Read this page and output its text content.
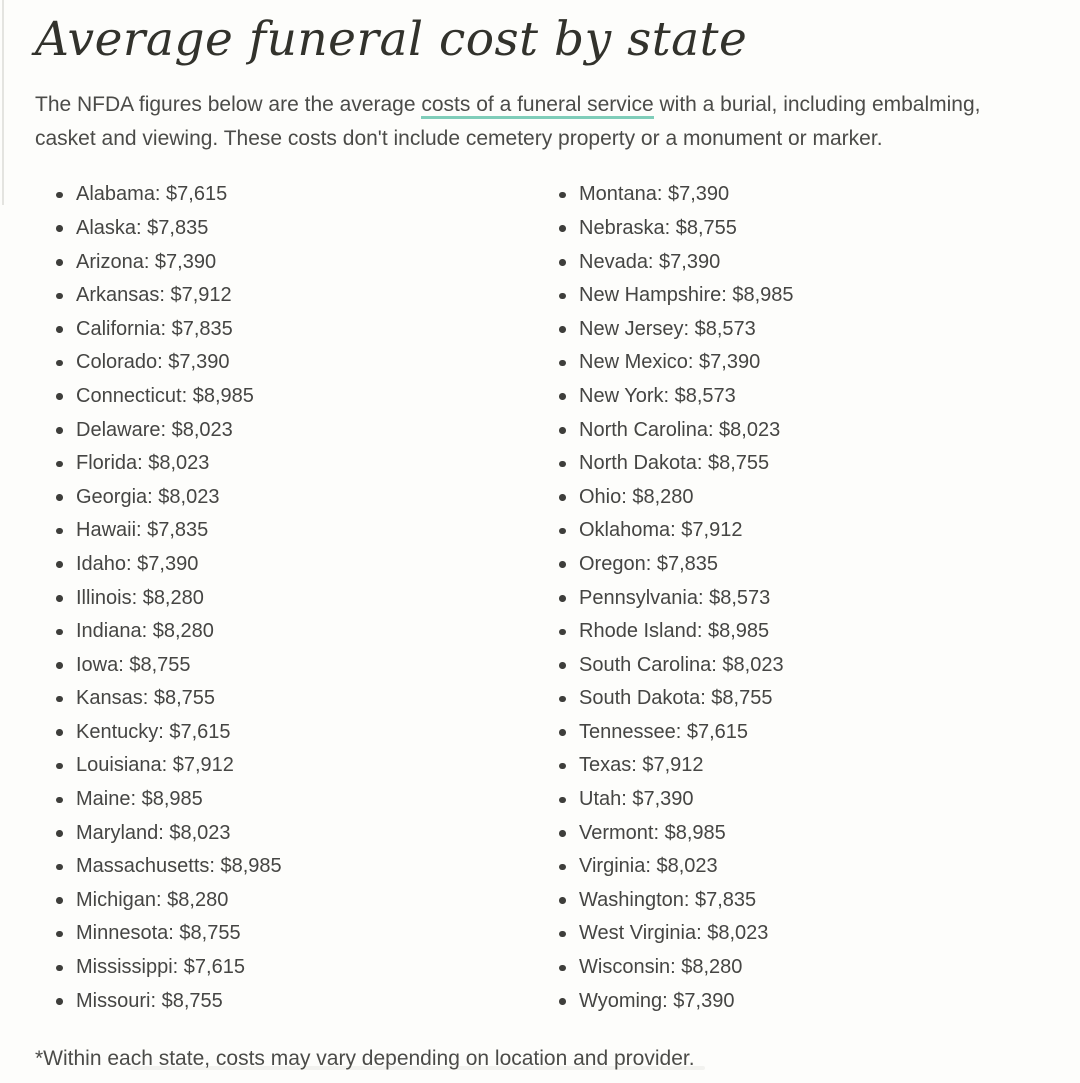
Average funeral cost by state

The NFDA figures below are the average costs of a funeral service with a burial, including embalming, casket and viewing. These costs don't include cemetery property or a monument or marker.

Alabama: $7,615
Alaska: $7,835
Arizona: $7,390
Arkansas: $7,912
California: $7,835
Colorado: $7,390
Connecticut: $8,985
Delaware: $8,023
Florida: $8,023
Georgia: $8,023
Hawaii: $7,835
Idaho: $7,390
Illinois: $8,280
Indiana: $8,280
Iowa: $8,755
Kansas: $8,755
Kentucky: $7,615
Louisiana: $7,912
Maine: $8,985
Maryland: $8,023
Massachusetts: $8,985
Michigan: $8,280
Minnesota: $8,755
Mississippi: $7,615
Missouri: $8,755
Montana: $7,390
Nebraska: $8,755
Nevada: $7,390
New Hampshire: $8,985
New Jersey: $8,573
New Mexico: $7,390
New York: $8,573
North Carolina: $8,023
North Dakota: $8,755
Ohio: $8,280
Oklahoma: $7,912
Oregon: $7,835
Pennsylvania: $8,573
Rhode Island: $8,985
South Carolina: $8,023
South Dakota: $8,755
Tennessee: $7,615
Texas: $7,912
Utah: $7,390
Vermont: $8,985
Virginia: $8,023
Washington: $7,835
West Virginia: $8,023
Wisconsin: $8,280
Wyoming: $7,390

*Within each state, costs may vary depending on location and provider.
